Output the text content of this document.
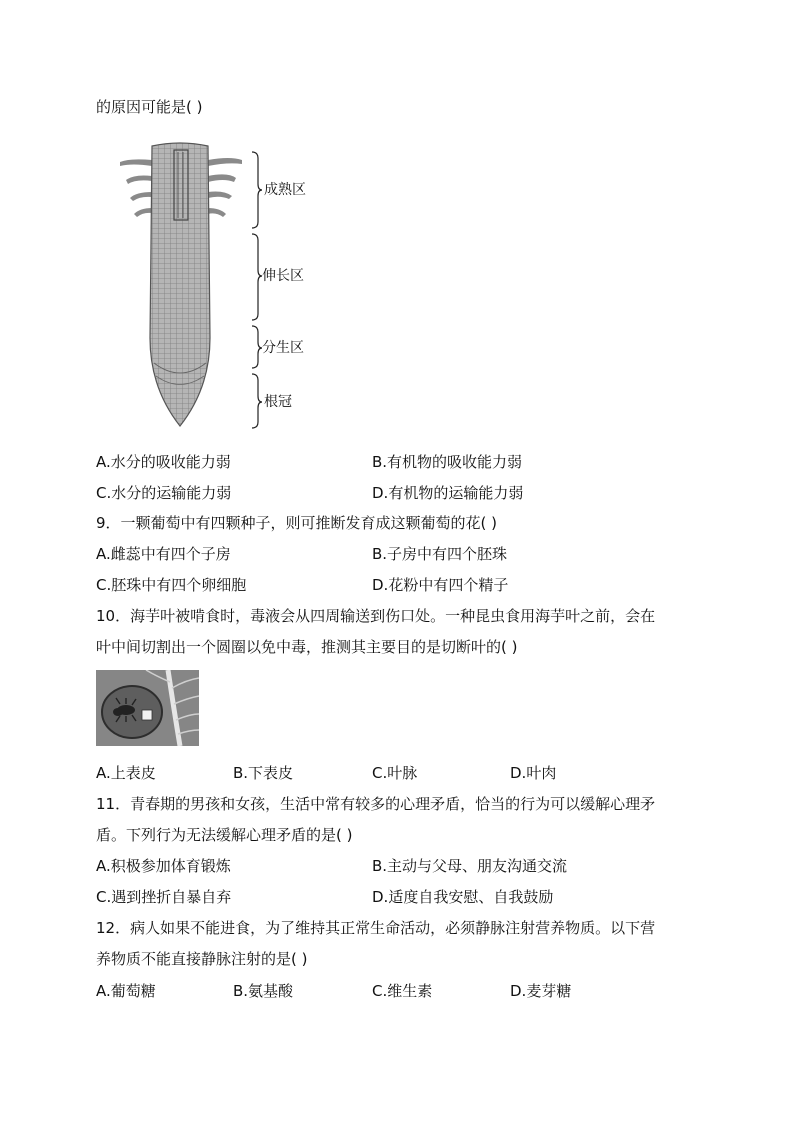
的原因可能是( )
成熟区
伸长区
分生区
根冠
A.水分的吸收能力弱	B.有机物的吸收能力弱
C.水分的运输能力弱	D.有机物的运输能力弱
9．一颗葡萄中有四颗种子，则可推断发育成这颗葡萄的花( )
A.雌蕊中有四个子房	B.子房中有四个胚珠
C.胚珠中有四个卵细胞	D.花粉中有四个精子
10．海芋叶被啃食时，毒液会从四周输送到伤口处。一种昆虫食用海芋叶之前，会在
叶中间切割出一个圆圈以免中毒，推测其主要目的是切断叶的( )
A.上表皮	B.下表皮	C.叶脉	D.叶肉
11．青春期的男孩和女孩，生活中常有较多的心理矛盾，恰当的行为可以缓解心理矛
盾。下列行为无法缓解心理矛盾的是( )
A.积极参加体育锻炼	B.主动与父母、朋友沟通交流
C.遇到挫折自暴自弃	D.适度自我安慰、自我鼓励
12．病人如果不能进食，为了维持其正常生命活动，必须静脉注射营养物质。以下营
养物质不能直接静脉注射的是( )
A.葡萄糖	B.氨基酸	C.维生素	D.麦芽糖
